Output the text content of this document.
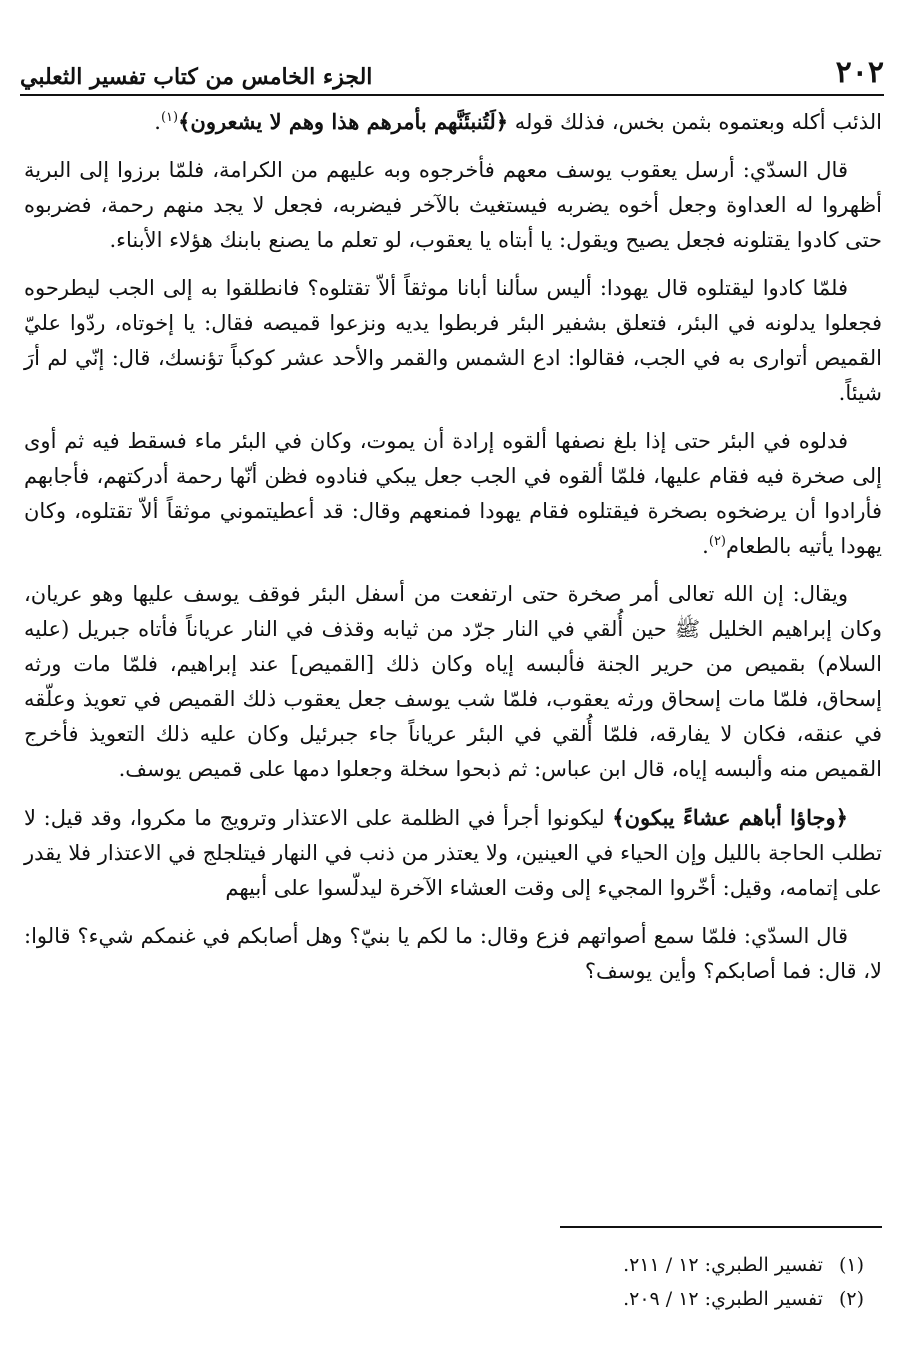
٢٠٢
الجزء الخامس من كتاب تفسير الثعلبي

الذئب أكله وبعتموه بثمن بخس، فذلك قوله ﴿لَتُنبئَنَّهم بأمرهم هذا وهم لا يشعرون﴾$^{(١)}$.

قال السدّي: أرسل يعقوب يوسف معهم فأخرجوه وبه عليهم من الكرامة، فلمّا برزوا إلى البرية أظهروا له العداوة وجعل أخوه يضربه فيستغيث بالآخر فيضربه، فجعل لا يجد منهم رحمة، فضربوه حتى كادوا يقتلونه فجعل يصيح ويقول: يا أبتاه يا يعقوب، لو تعلم ما يصنع بابنك هؤلاء الأبناء.

فلمّا كادوا ليقتلوه قال يهودا: أليس سألنا أبانا موثقاً ألاّ تقتلوه؟ فانطلقوا به إلى الجب ليطرحوه فجعلوا يدلونه في البئر، فتعلق بشفير البئر فربطوا يديه ونزعوا قميصه فقال: يا إخوتاه، ردّوا عليّ القميص أتوارى به في الجب، فقالوا: ادع الشمس والقمر والأحد عشر كوكباً تؤنسك، قال: إنّي لم أرَ شيئاً.

فدلوه في البئر حتى إذا بلغ نصفها ألقوه إرادة أن يموت، وكان في البئر ماء فسقط فيه ثم أوى إلى صخرة فيه فقام عليها، فلمّا ألقوه في الجب جعل يبكي فنادوه فظن أنّها رحمة أدركتهم، فأجابهم فأرادوا أن يرضخوه بصخرة فيقتلوه فقام يهودا فمنعهم وقال: قد أعطيتموني موثقاً ألاّ تقتلوه، وكان يهودا يأتيه بالطعام$^{(٢)}$.

ويقال: إن الله تعالى أمر صخرة حتى ارتفعت من أسفل البئر فوقف يوسف عليها وهو عريان، وكان إبراهيم الخليل ﷺ حين أُلقي في النار جرّد من ثيابه وقذف في النار عرياناً فأتاه جبريل (عليه السلام) بقميص من حرير الجنة فألبسه إياه وكان ذلك [القميص] عند إبراهيم، فلمّا مات ورثه إسحاق، فلمّا مات إسحاق ورثه يعقوب، فلمّا شب يوسف جعل يعقوب ذلك القميص في تعويذ وعلّقه في عنقه، فكان لا يفارقه، فلمّا أُلقي في البئر عرياناً جاء جبرئيل وكان عليه ذلك التعويذ فأخرج القميص منه وألبسه إياه، قال ابن عباس: ثم ذبحوا سخلة وجعلوا دمها على قميص يوسف.

﴿وجاؤا أباهم عشاءً يبكون﴾ ليكونوا أجرأ في الظلمة على الاعتذار وترويج ما مكروا، وقد قيل: لا تطلب الحاجة بالليل وإن الحياء في العينين، ولا يعتذر من ذنب في النهار فيتلجلج في الاعتذار فلا يقدر على إتمامه، وقيل: أخّروا المجيء إلى وقت العشاء الآخرة ليدلّسوا على أبيهم

قال السدّي: فلمّا سمع أصواتهم فزع وقال: ما لكم يا بنيّ؟ وهل أصابكم في غنمكم شيء؟ قالوا: لا، قال: فما أصابكم؟ وأين يوسف؟

(١)
تفسير الطبري: ١٢ / ٢١١.
(٢)
تفسير الطبري: ١٢ / ٢٠٩.
